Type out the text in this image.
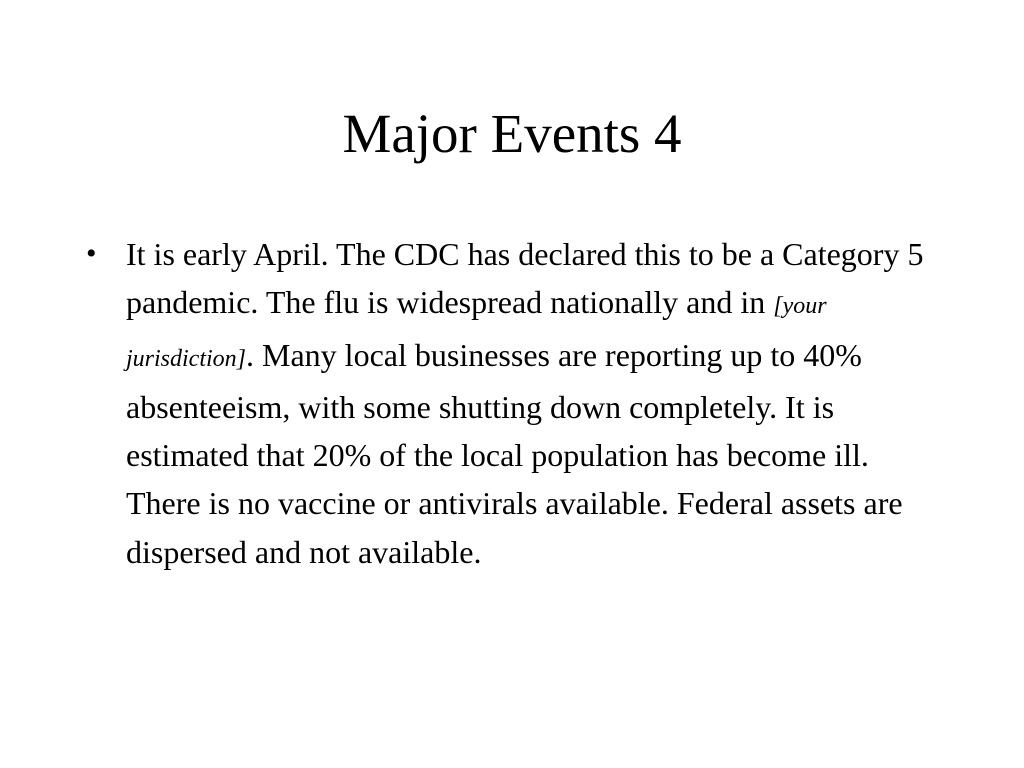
Major Events 4
• It is early April. The CDC has declared this to be a Category 5 pandemic. The flu is widespread nationally and in [your jurisdiction]. Many local businesses are reporting up to 40% absenteeism, with some shutting down completely. It is estimated that 20% of the local population has become ill. There is no vaccine or antivirals available. Federal assets are dispersed and not available.
